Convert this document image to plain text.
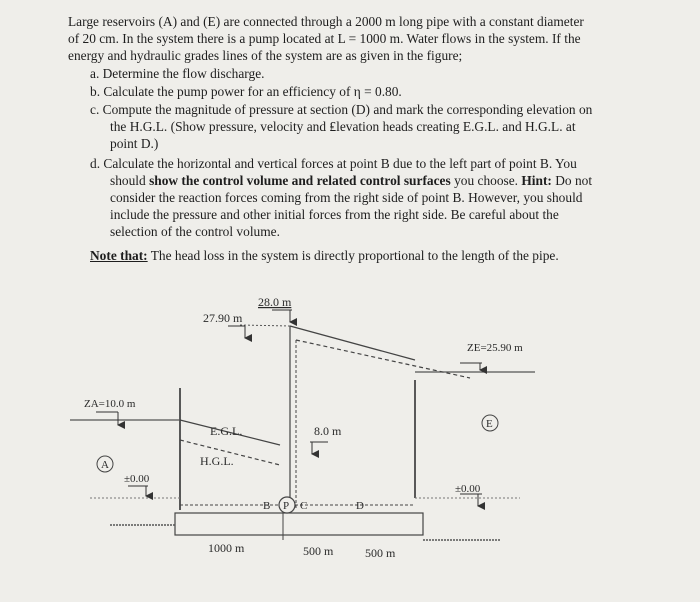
Large reservoirs (A) and (E) are connected through a 2000 m long pipe with a constant diameter
of 20 cm. In the system there is a pump located at L = 1000 m. Water flows in the system. If the
energy and hydraulic grades lines of the system are as given in the figure;
a. Determine the flow discharge.
b. Calculate the pump power for an efficiency of η = 0.80.
c. Compute the magnitude of pressure at section (D) and mark the corresponding elevation on
the H.G.L. (Show pressure, velocity and ₤levation heads creating E.G.L. and H.G.L. at
point D.)
d. Calculate the horizontal and vertical forces at point B due to the left part of point B. You
should show the control volume and related control surfaces you choose. Hint: Do not
consider the reaction forces coming from the right side of point B. However, you should
include the pressure and other initial forces from the right side. Be careful about the
selection of the control volume.
Note that: The head loss in the system is directly proportional to the length of the pipe.
28.0 m
27.90 m
ZE=25.90 m
ZA=10.0 m
E.G.L.
H.G.L.
8.0 m
A
E
±0.00
±0.00
B P C	D
1000 m	500 m	500 m
